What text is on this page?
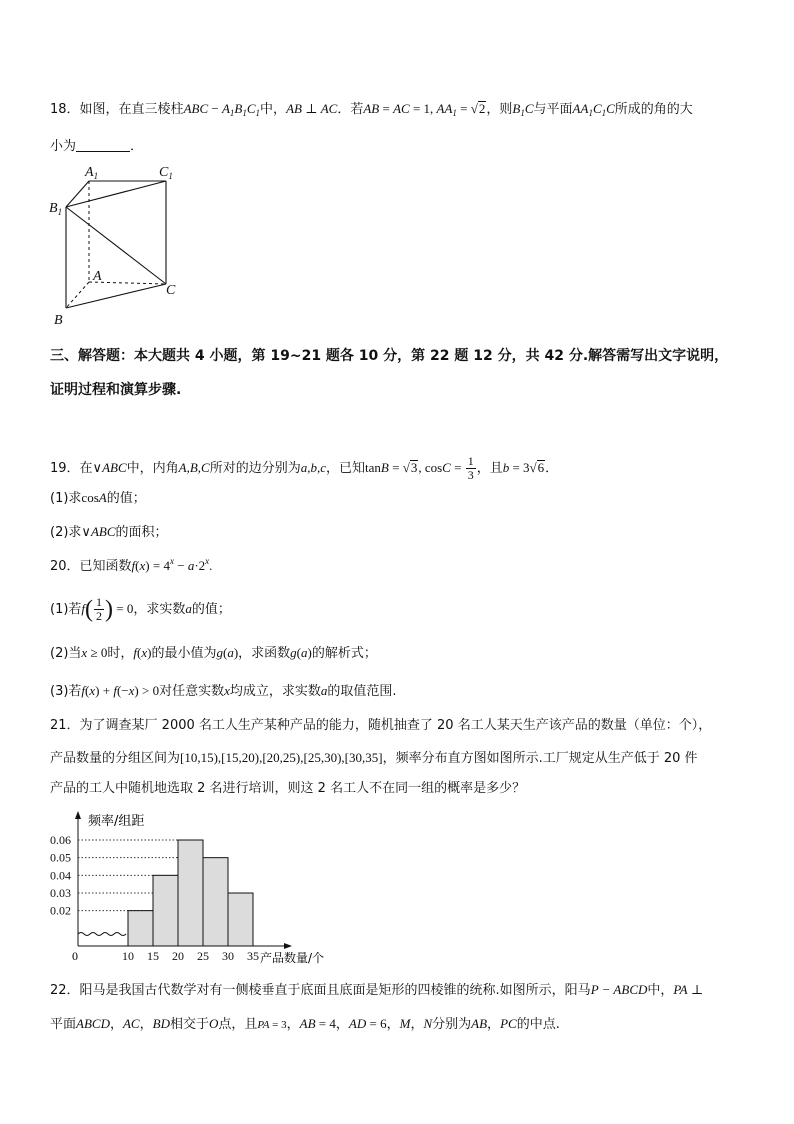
18．如图，在直三棱柱ABC − $A_1B_1C_1$中，AB ⊥ AC．若AB = AC = 1, $AA_1 = √2$，则$B_1C$与平面$AA_1C_1C$所成的角的大
小为	．
$A_1$	$C_1$
$B_1$
A
C
B
三、解答题：本大题共 4 小题，第 19~21 题各 10 分，第 22 题 12 分，共 42 分.解答需写出文字说明，
证明过程和演算步骤.
19．在∨ABC中，内角A,B,C所对的边分别为a,b,c，已知tanB = √3, $\cos C = \frac{1}{3}$ ，且b = 3√6．
(1)求cosA的值；
(2)求∨ABC的面积；
20．已知函数$f(x) = 4^x - a\cdot 2^x$.
(1)若$f( \frac{1}{2}$ ) = 0，求实数a的值；
(2)当x ≥ 0时，f(x)的最小值为g(a)，求函数g(a)的解析式；
(3)若f(x) + f(−x) > 0对任意实数x均成立，求实数a的取值范围.
21．为了调查某厂 2000 名工人生产某种产品的能力，随机抽查了 20 名工人某天生产该产品的数量（单位：个），
产品数量的分组区间为[10,15),[15,20),[20,25),[25,30),[30,35]，频率分布直方图如图所示.工厂规定从生产低于 20 件
产品的工人中随机地选取 2 名进行培训，则这 2 名工人不在同一组的概率是多少？
0.02
0.03
0.04
0.05
0.06
10 15 20 25 30 35
频率/组距
产品数量/个
0
22．阳马是我国古代数学对有一侧棱垂直于底面且底面是矩形的四棱锥的统称.如图所示，阳马P − ABCD中，PA ⊥
平面ABCD，AC，BD相交于O点，且PA = 3，AB = 4，AD = 6，M，N分别为AB，PC的中点.
